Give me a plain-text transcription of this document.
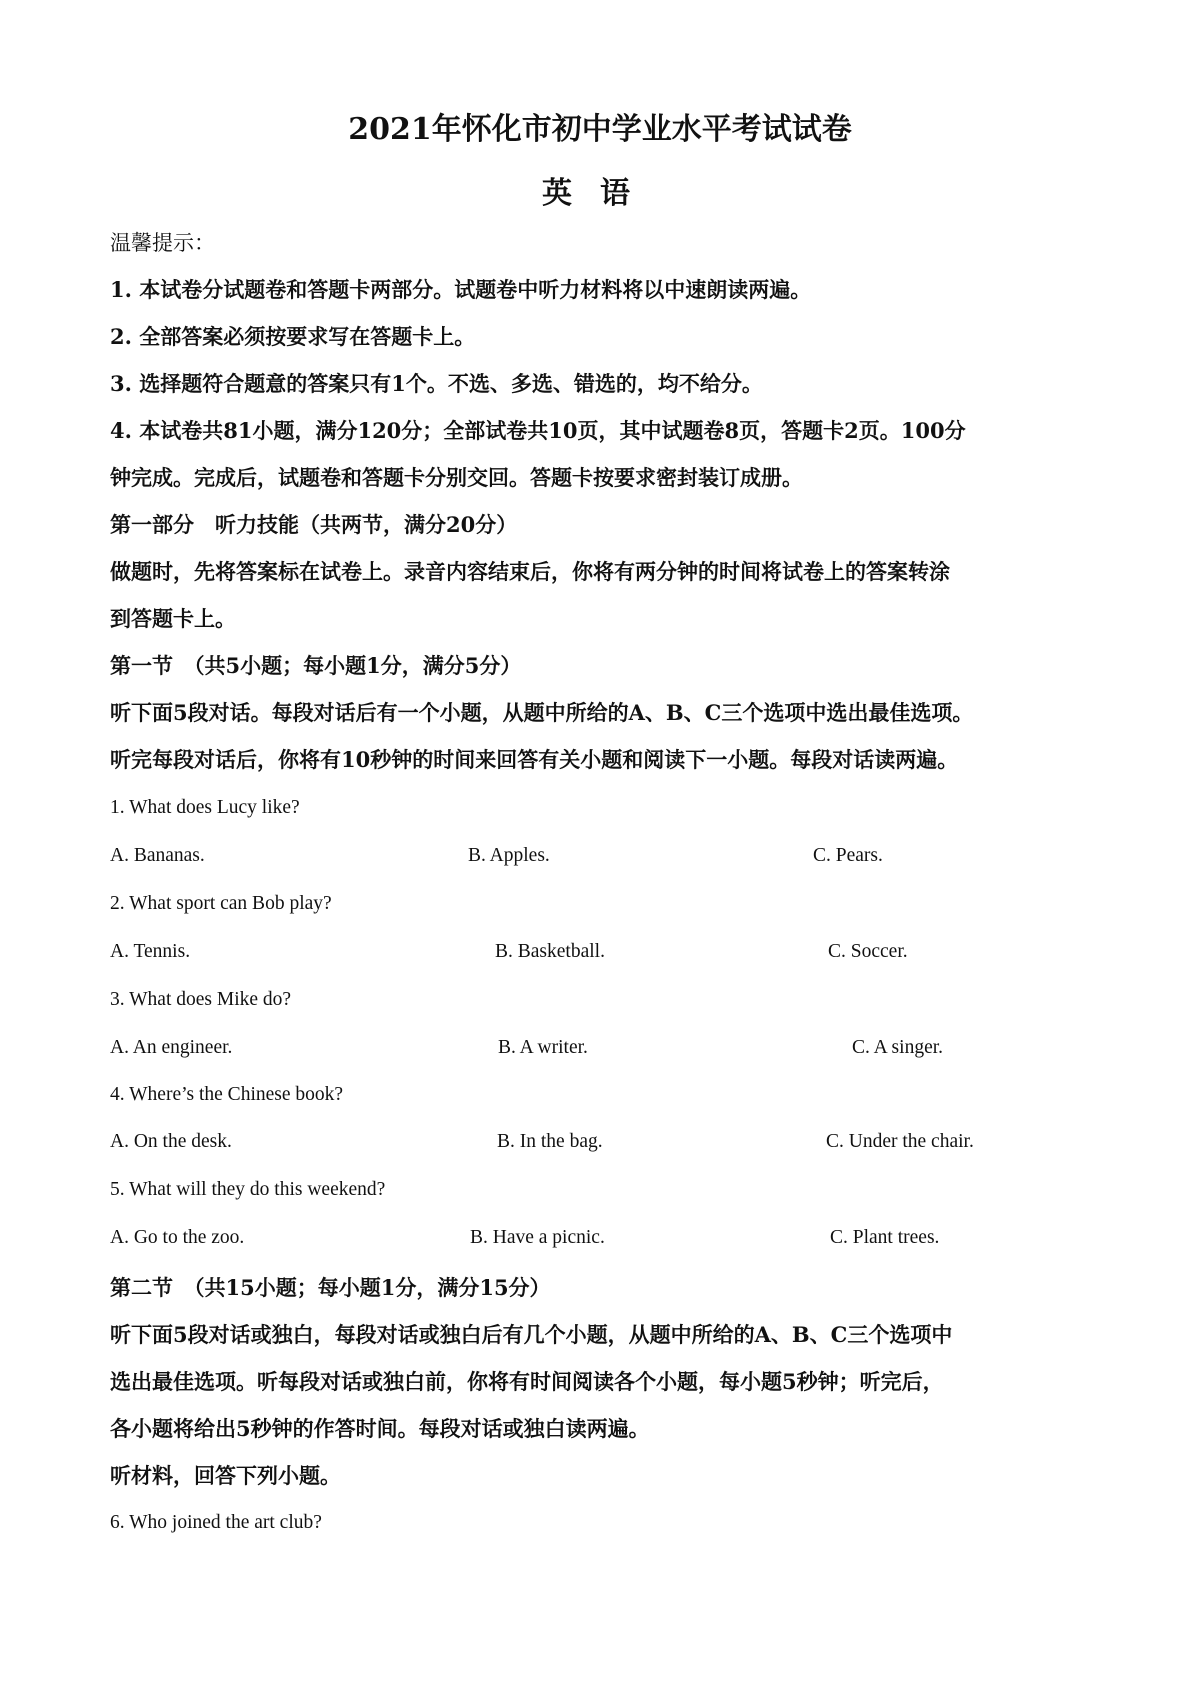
2021年怀化市初中学业水平考试试卷
英语
温馨提示：
1. 本试卷分试题卷和答题卡两部分。试题卷中听力材料将以中速朗读两遍。
2. 全部答案必须按要求写在答题卡上。
3. 选择题符合题意的答案只有1个。不选、多选、错选的，均不给分。
4. 本试卷共81小题，满分120分；全部试卷共10页，其中试题卷8页，答题卡2页。100分
钟完成。完成后，试题卷和答题卡分别交回。答题卡按要求密封装订成册。
第一部分　听力技能（共两节，满分20分）
做题时，先将答案标在试卷上。录音内容结束后，你将有两分钟的时间将试卷上的答案转涂
到答题卡上。
第一节　（共5小题；每小题1分，满分5分）
听下面5段对话。每段对话后有一个小题，从题中所给的A、B、C三个选项中选出最佳选项。
听完每段对话后，你将有10秒钟的时间来回答有关小题和阅读下一小题。每段对话读两遍。
1. What does Lucy like?
A. Bananas.	B. Apples.	C. Pears.
2. What sport can Bob play?
A. Tennis.	B. Basketball.	C. Soccer.
3. What does Mike do?
A. An engineer.	B. A writer.	C. A singer.
4. Where’s the Chinese book?
A. On the desk.	B. In the bag.	C. Under the chair.
5. What will they do this weekend?
A. Go to the zoo.	B. Have a picnic.	C. Plant trees.
第二节　（共15小题；每小题1分，满分15分）
听下面5段对话或独白，每段对话或独白后有几个小题，从题中所给的A、B、C三个选项中
选出最佳选项。听每段对话或独白前，你将有时间阅读各个小题，每小题5秒钟；听完后，
各小题将给出5秒钟的作答时间。每段对话或独白读两遍。
听材料，回答下列小题。
6. Who joined the art club?
